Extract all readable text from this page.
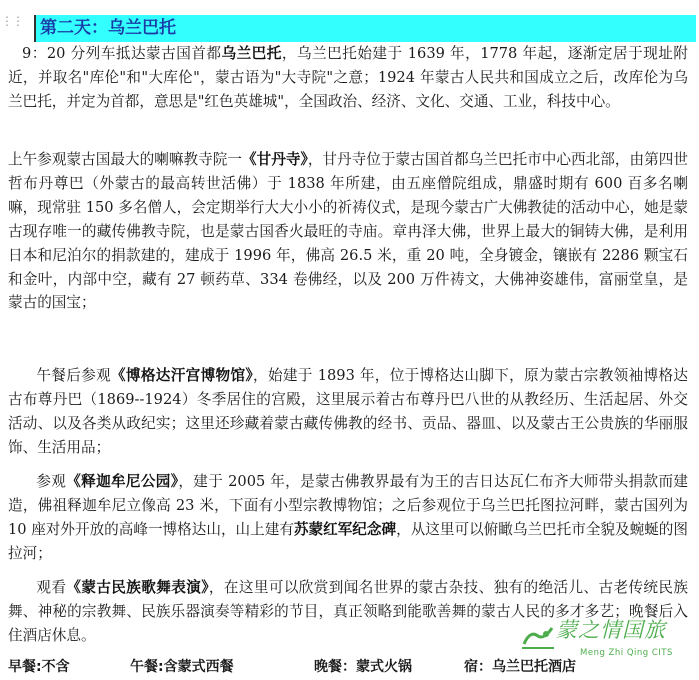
⋮⋮	第二天：乌兰巴托

9：20 分列车抵达蒙古国首都乌兰巴托，乌兰巴托始建于 1639 年，1778 年起，逐渐定居于现址附近，并取名"库伦"和"大库伦"，蒙古语为"大寺院"之意；1924 年蒙古人民共和国成立之后，改库伦为乌兰巴托，并定为首都，意思是"红色英雄城"，全国政治、经济、文化、交通、工业，科技中心。

上午参观蒙古国最大的喇嘛教寺院一《甘丹寺》，甘丹寺位于蒙古国首都乌兰巴托市中心西北部，由第四世哲布丹尊巴（外蒙古的最高转世活佛）于 1838 年所建，由五座僧院组成，鼎盛时期有 600 百多名喇嘛，现常驻 150 多名僧人，会定期举行大大小小的祈祷仪式，是现今蒙古广大佛教徒的活动中心，她是蒙古现存唯一的藏传佛教寺院，也是蒙古国香火最旺的寺庙。章冉泽大佛，世界上最大的铜铸大佛，是利用日本和尼泊尔的捐款建的，建成于 1996 年，佛高 26.5 米，重 20 吨，全身镀金，镶嵌有 2286 颗宝石和金叶，内部中空，藏有 27 顿药草、334 卷佛经，以及 200 万件祷文，大佛神姿雄伟，富丽堂皇，是蒙古的国宝；

午餐后参观《博格达汗宫博物馆》，始建于 1893 年，位于博格达山脚下，原为蒙古宗教领袖博格达古布尊丹巴（1869--1924）冬季居住的宫殿，这里展示着古布尊丹巴八世的从教经历、生活起居、外交活动、以及各类从政纪实；这里还珍藏着蒙古藏传佛教的经书、贡品、器皿、以及蒙古王公贵族的华丽服饰、生活用品；

参观《释迦牟尼公园》，建于 2005 年，是蒙古佛教界最有为王的吉日达瓦仁布齐大师带头捐款而建造，佛祖释迦牟尼立像高 23 米，下面有小型宗教博物馆；之后参观位于乌兰巴托图拉河畔，蒙古国列为 10 座对外开放的高峰一博格达山，山上建有苏蒙红军纪念碑，从这里可以俯瞰乌兰巴托市全貌及蜿蜒的图拉河；

观看《蒙古民族歌舞表演》，在这里可以欣赏到闻名世界的蒙古杂技、独有的绝活儿、古老传统民族舞、神秘的宗教舞、民族乐器演奏等精彩的节目，真正领略到能歌善舞的蒙古人民的多才多艺；晚餐后入住酒店休息。

早餐:不含	午餐:含蒙式西餐	晚餐：蒙式火锅	宿：乌兰巴托酒店
蒙之情国旅
Meng Zhi Qing CITS
